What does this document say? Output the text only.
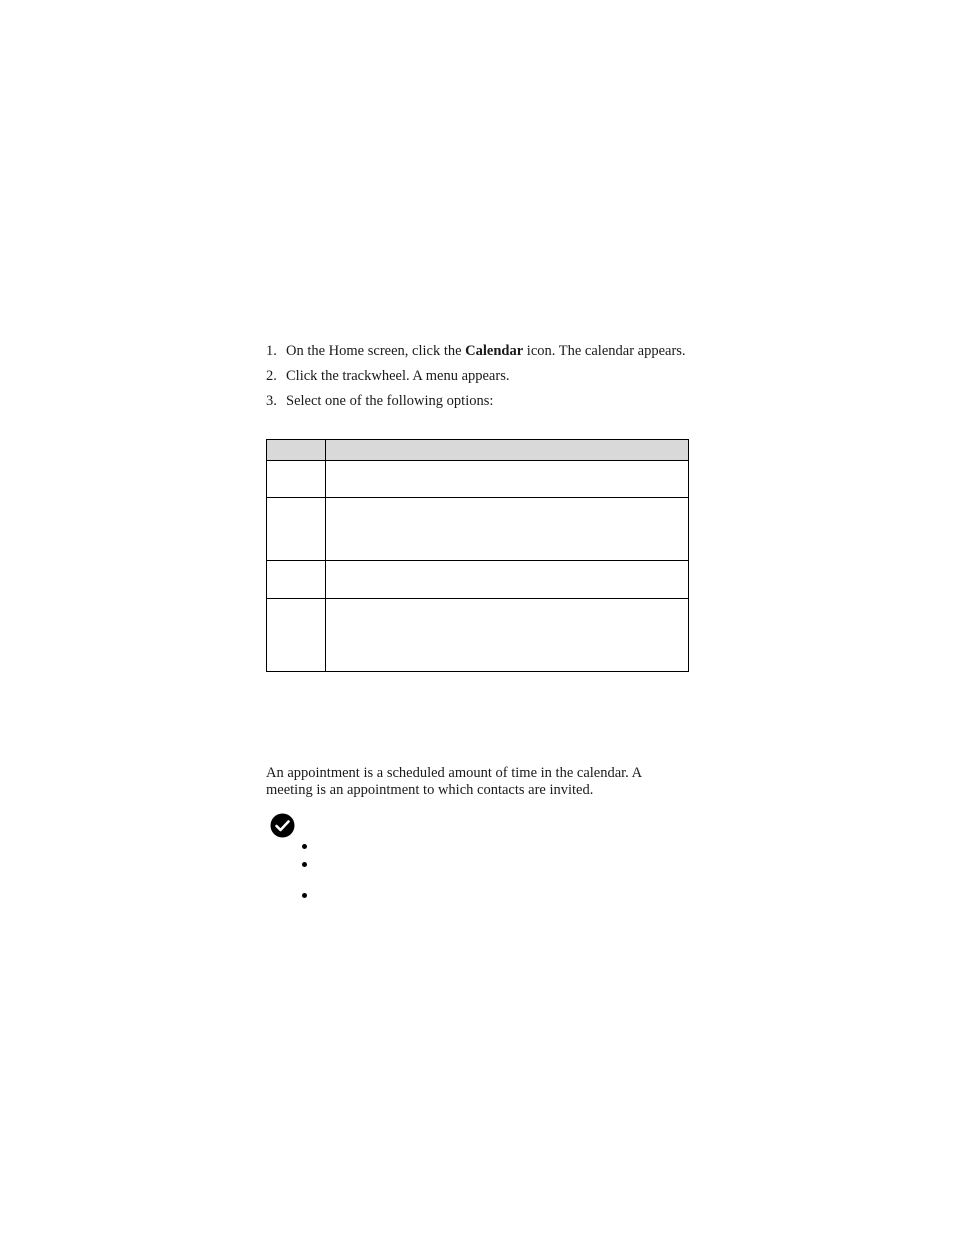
1. On the Home screen, click the Calendar icon. The calendar appears.
2. Click the trackwheel. A menu appears.
3. Select one of the following options:

An appointment is a scheduled amount of time in the calendar. A meeting is an appointment to which contacts are invited.
